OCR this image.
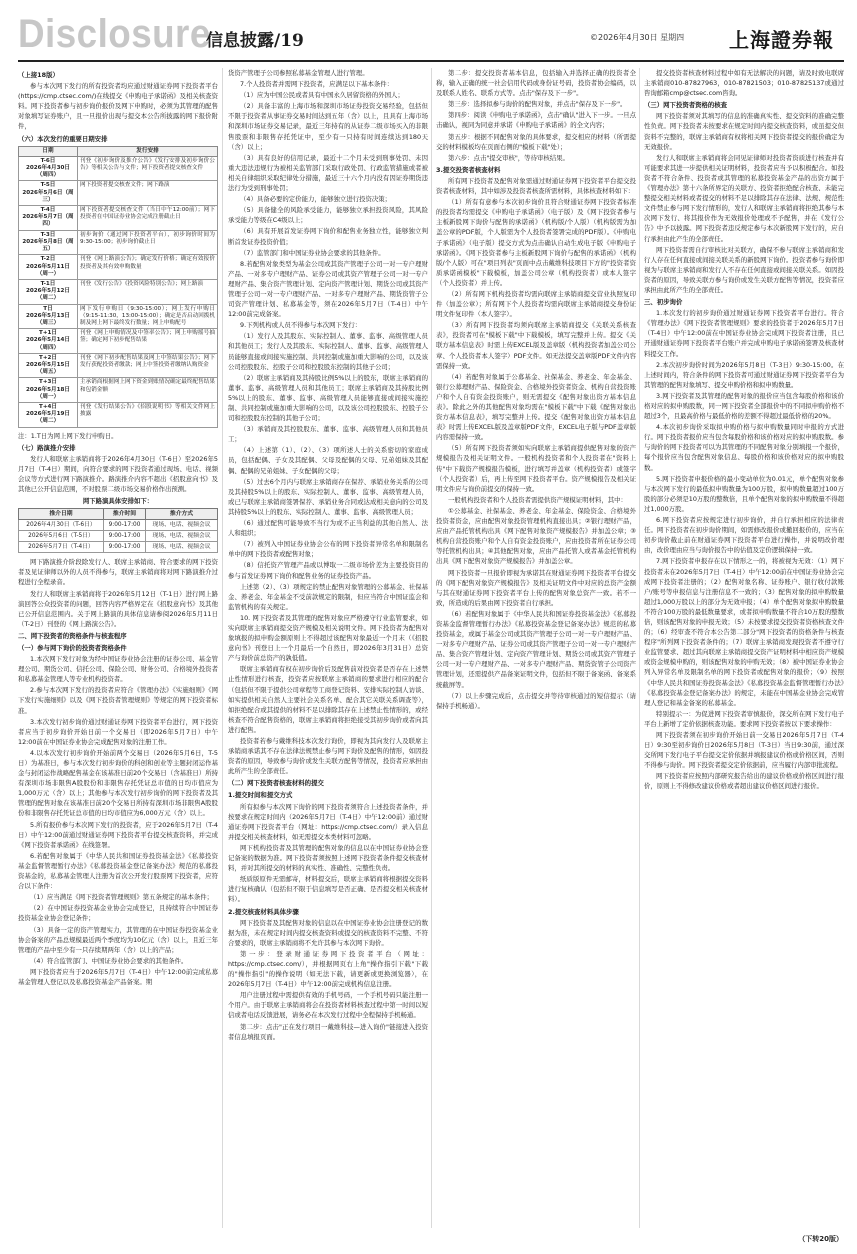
Disclosure
信息披露/19	©2026年4月30日 星期四 上海證券報

（上接18版）

参与本次网下发行的所有投资者均应通过财通证券网下投资者平台(https://cmp.ctsec.com/)在线提交《申购电子承诺函》及相关核查资料。网下投资者参与初步询价报价及网下申购时，必须为其管理的配售对象填写证券账户，且一旦报价出现与提交本公告所披露的网下报价附件，

（六）本次发行的重要日期安排

日期	发行安排
T-6日
2026年4月30日（周四）	刊登《初步询价及推介公告》《发行安排及初步询价公告》等相关公告与文件；网下投资者提交核查文件
T-5日
2026年5月6日（周三）	网下投资者提交核查文件；网下路演
T-4日
2026年5月7日（周四）	网下投资者提交核查文件（当日中午12:00前）；网下投资者在中国证券业协会完成注册截止日
T-3日
2026年5月8日（周五）	初步询价（通过网下投资者平台），初步询价时间为9:30-15:00；初步询价截止日
T-2日
2026年5月11日（周一）	刊登《网上路演公告》；确定发行价格；确定有效报价投资者及其有效申购数量
T-1日
2026年5月12日（周二）	刊登《发行公告》《投资风险特别公告》；网上路演
T日
2026年5月13日（周三）	网下发行申购日（9:30-15:00）；网上发行申购日（9:15-11:30，13:00-15:00）；确定是否启动回拨机制及网上网下最终发行数量；网上申购配号
T+1日
2026年5月14日（周四）	刊登《网上申购情况及中签率公告》；网上申购摇号抽签；确定网下初步配售结果
T+2日
2026年5月15日（周五）	刊登《网下初步配售结果及网上中签结果公告》；网下发行获配投资者缴款；网上中签投资者缴纳认购资金
T+3日
2026年5月18日（周一）	主承销商根据网上网下资金到账情况确定最终配售结果和包销金额
T+4日
2026年5月19日（周二）	刊登《发行结果公告》《招股说明书》等相关文件网上披露

注：1.T日为网上网下发行申购日。

（七）路演推介安排

发行人和联席主承销商将于2026年4月30日（T-6日）至2026年5月7日（T-4日）期间，向符合要求的网下投资者通过现场、电话、视频会议等方式进行网下路演推介。路演推介内容不超出《招股意向书》及其他已公开信息范围，不对股票二级市场交易价格作出预测。

网下路演具体安排如下：

推介日期	推介时间	推介方式
2026年4月30日（T-6日）	9:00-17:00	现场、电话、视频会议
2026年5月6日（T-5日）	9:00-17:00	现场、电话、视频会议
2026年5月7日（T-4日）	9:00-17:00	现场、电话、视频会议

网下路演推介阶段除发行人、联席主承销商、符合要求的网下投资者及见证律师以外的人员不得参与，联席主承销商将对网下路演推介过程进行全程录音。

发行人和联席主承销商将于2026年5月12日（T-1日）进行网上路演回答公众投资者的问题，回答内容严格界定在《招股意向书》及其他已公开信息范围内。关于网上路演的具体信息请参阅2026年5月11日（T-2日）刊登的《网上路演公告》。

二、网下投资者的资格条件与核查程序

（一）参与网下询价的投资者资格条件

1.本次网下发行对象为经中国证券业协会注册的证券公司、基金管理公司、期货公司、信托公司、保险公司、财务公司、合格境外投资者和私募基金管理人等专业机构投资者。

2.参与本次网下发行的投资者应符合《管理办法》《实施细则》《网下发行实施细则》以及《网下投资者管理规则》等规定的网下投资者标准。

3.本次发行初步询价通过财通证券网下投资者平台进行，网下投资者应当于初步询价开始日前一个交易日（即2026年5月7日）中午12:00前在中国证券业协会完成配售对象的注册工作。

4.以本次发行初步询价开始前两个交易日（2026年5月6日，T-5日）为基准日，参与本次发行初步询价的科创和创业等主题封闭运作基金与封闭运作战略配售基金在该基准日前20个交易日（含基准日）所持有深圳市场非限售A股股份和非限售存托凭证总市值的日均市值应为1,000万元（含）以上；其他参与本次发行初步询价的网下投资者及其管理的配售对象在该基准日前20个交易日所持有深圳市场非限售A股股份和非限售存托凭证总市值的日均市值应为6,000万元（含）以上。

5.所有报价参与本次网下发行的投资者，应于2026年5月7日（T-4日）中午12:00前通过财通证券网下投资者平台提交核查资料，并完成《网下投资者承诺函》在线签署。

6.若配售对象属于《中华人民共和国证券投资基金法》《私募投资基金监督管理暂行办法》《私募投资基金登记备案办法》规范的私募投资基金的，私募基金管理人注册为首次公开发行股票网下投资者，应符合以下条件：

（1）应当满足《网下投资者管理规则》第五条规定的基本条件；

（2）在中国证券投资基金业协会完成登记，且持续符合中国证券投资基金业协会登记条件；

（3）具备一定的资产管理实力，其管理的在中国证券投资基金业协会备案的产品总规模最近两个季度均为10亿元（含）以上，且近三年管理的产品中至少有一只存续期两年（含）以上的产品；

（4）符合监管部门、中国证券业协会要求的其他条件。

网下投资者应当于2026年5月7日（T-4日）中午12:00前完成私募基金管理人登记以及私募投资基金产品备案。期

货资产管理子公司参照私募基金管理人进行管理。

7.个人投资者并需网下投资者，应满足以下基本条件：

（1）应为中国公民或者具有中国永久居留资格的外国人；

（2）具备丰富的上海市场和深圳市场证券投资交易经验，包括但不限于投资者从事证券交易时间达到五年（含）以上，且具有上海市场和深圳市场证券交易记录，最近三年持有的从证券二级市场买入的非限售股票和非限售存托凭证中，至少有一只持有时间连续达到180天（含）以上；

（3）具有良好的信用记录，最近十二个月未受到刑事处罚、未因重大违法违规行为被相关监管部门采取行政处罚、行政监管措施或者被相关自律组织采取纪律处分措施，最近三十六个月内没有因证券期货违法行为受到刑事处罚；

（4）具备必要的定价能力，能够独立进行投资决策；

（5）具备健全的风险承受能力，能够独立承担投资风险，其风险承受能力等级在C4级以上；

（6）具有开展首发证券网下询价和配售业务独立性，能够独立判断首发证券投资价值；

（7）监管部门和中国证券业协会要求的其他条件。

8.若配售对象类型为基金公司或其资产管理子公司一对一专户理财产品、一对多专户理财产品、证券公司或其资产管理子公司一对一专户理财产品、集合资产管理计划、定向资产管理计划、期货公司或其资产管理子公司一对一专户理财产品、一对多专户理财产品、期货资管子公司资产管理计划、私募基金等，须在2026年5月7日（T-4日）中午12:00前完成备案。

9.下列机构或人员不得参与本次网下发行：

（1）发行人及其股东、实际控制人、董事、监事、高级管理人员和其他员工；发行人及其股东、实际控制人、董事、监事、高级管理人员能够直接或间接实施控制、共同控制或施加重大影响的公司，以及该公司控股股东、控股子公司和控股股东控制的其他子公司；

（2）联席主承销商及其持股比例5%以上的股东，联席主承销商的董事、监事、高级管理人员和其他员工；联席主承销商及其持股比例5%以上的股东、董事、监事、高级管理人员能够直接或间接实施控制、共同控制或施加重大影响的公司，以及该公司控股股东、控股子公司和控股股东控制的其他子公司；

（3）承销商及其控股股东、董事、监事、高级管理人员和其他员工；

（4）上述第（1）、（2）、（3）项所述人士的关系密切的家庭成员，包括配偶、子女及其配偶、父母及配偶的父母、兄弟姐妹及其配偶、配偶的兄弟姐妹、子女配偶的父母；

（5）过去6个月内与联席主承销商存在保荐、承销业务关系的公司及其持股5%以上的股东、实际控制人、董事、监事、高级管理人员，或已与联席主承销商签署保荐、承销业务合同或达成相关意向的公司及其持股5%以上的股东、实际控制人、董事、监事、高级管理人员；

（6）通过配售可能导致不当行为或不正当利益的其他自然人、法人和组织；

（7）被列入中国证券业协会公布的网下投资者异常名单和限制名单中的网下投资者或配售对象；

（8）信托资产管理产品或以博取一二级市场价差为主要投资目的参与首发证券网下询价和配售业务的证券投资产品。

上述第（2）、（3）项规定的禁止配售对象管理的公募基金、社保基金、养老金、年金基金不受前款规定的限制，但应当符合中国证监会和监管机构的有关规定。

10. 网下投资者及其管理的配售对象应严格遵守行业监管要求，如实向联席主承销商提交资产规模及相关说明文件。网下投资者为配售对象填报的拟申购金额原则上不得超过该配售对象最近一个月末（《招股意向书》刊登日上一个月最后一个自然日，即2026年3月31日）总资产与询价前总资产的孰低值。

联席主承销商有权在初步询价后及配售前对投资者是否存在上述禁止性情形进行核查，投资者应按联席主承销商的要求进行相应的配合（包括但不限于提供公司章程等工商登记资料、安排实际控制人访谈、如实提供相关自然人主要社会关系名单、配合其它关联关系调查等），如拒绝配合或其提供的材料不足以排除其存在上述禁止性情形的，或经核查不符合配售资格的，联席主承销商将拒绝接受其初步询价或者向其进行配售。

投资者若参与戴维科技本次发行询价，即视为其向发行人及联席主承销商承诺其不存在法律法规禁止参与网下询价及配售的情形，如因投资者的原因，导致参与询价或发生关联方配售等情况，投资者应承担由此所产生的全部责任。

（二）网下投资者核查材料的提交

1.提交时间和提交方式

所有拟参与本次网下询价的网下投资者须符合上述投资者条件，并按要求在规定时间内（2026年5月7日（T-4日）中午12:00前）通过财通证券网下投资者平台（网址：https://cmp.ctsec.com/）录入信息并提交相关核查材料，如无需提交本类材料可忽略。

网下机构投资者及其管理的配售对象的信息以在中国证券业协会登记备案的数据为准。网下投资者须按照上述网下投资者条件提交核查材料，并对其所提交的材料的真实性、准确性、完整性负责。

纸质版原件无需邮寄，材料提交后，联席主承销商将根据提交资料进行复核确认（包括但不限于信息填写是否正确、是否提交相关核查材料）。

2.提交核查材料具体步骤

网下投资者及其配售对象的信息以在中国证券业协会注册登记的数据为准，未在规定时间内提交核查资料或提交的核查资料不完整、不符合要求的，联席主承销商将不允许其参与本次网下询价。

第一步：登录财通证券网下投资者平台（网址：https://cmp.ctsec.com/），并根据网页右上角"操作指引下载"下载的"操作指引"的操作说明（如无法下载，请更新或更换浏览器），在2026年5月7日（T-4日）中午12:00前完成机构信息注册。

用户注册过程中需提供有效的手机号码，一个手机号码只能注册一个用户。由于联席主承销商将会在投资者材料核查过程中第一时间以短信或者电话反馈进展，请务必在本次发行过程中全程保持手机畅通。

第二步：点击"正在发行项目一戴维科技—进入询价"链接进入投资者信息填报页面。

第二步：提交投资者基本信息，包括输入并选择正确的投资者全称，输入正确的统一社会信用代码或身份证号码，投资者协会编码，以及联系人姓名、联系方式等。点击"保存及下一步"。

第三步：选择拟参与询价的配售对象，并点击"保存及下一步"。

第四步：阅读《申购电子承诺函》，点击"确认"进入下一步。一旦点击确认，视同为同意并承诺《申购电子承诺函》的全文内容；

第五步：根据不同配售对象的具体要求，提交相应的材料（所需提交的材料模板均在页面右侧的"模板下载"处）；

第六步：点击"提交审核"，等待审核结果。

3.提交投资者核查材料

所有网下投资者及配售对象需通过财通证券网下投资者平台提交投资者核查材料，其中如涉及投资者核查所需材料，具体核查材料如下：

（1）所有有意参与本次初步询价且符合财通证券网下投资者标准的投资者均需提交《申购电子承诺函》（电子版）及《网下投资者参与主板新股网下询价与配售的承诺函》（机构版/个人版）（机构版需为加盖公章的PDF版，个人版需为个人投资者签署完成的PDF版）。《申购电子承诺函》（电子版）提交方式为点击确认自动生成电子版《申购电子承诺函》。《网下投资者参与主板新股网下询价与配售的承诺函》（机构版/个人版）可在"项目列表"页面中点击戴维科技项目下方的"投资者资质承诺函模板"下载模板，加盖公司公章（机构投资者）或本人签字（个人投资者）并上传。

（2）所有网下机构投资者均需向联席主承销商提交营业执照复印件（加盖公章）；所有网下个人投资者均需向联席主承销商提交身份证明文件复印件（本人签字）。

（3）所有网下投资者均须向联席主承销商提交《关联关系核查表》，投资者可在"模板下载"中下载模板，填写完整并上传。提交《关联方基本信息表》时需上传EXCEL版及盖章版（机构投资者加盖公司公章、个人投资者本人签字）PDF文件。如无法提交盖章版PDF文件内容需保持一致。

（4）若配售对象属于公募基金、社保基金、养老金、年金基金、银行公募理财产品、保险资金、合格境外投资者资金、机构自营投资账户和个人自有资金投资账户，则无需提交《配售对象出资方基本信息表》。除此之外的其他配售对象均需在"模板下载"中下载《配售对象出资方基本信息表》，填写完整并上传。提交《配售对象出资方基本信息表》时需上传EXCEL版及盖章版PDF文件，EXCEL电子版与PDF盖章版内容需保持一致。

（5）所有网下投资者须如实向联席主承销商提供配售对象的资产规模报告及相关证明文件。一般机构投资者和个人投资者在"资料上传"中下载资产规模报告模板，进行填写并盖章（机构投资者）或签字（个人投资者）后，再上传至网下投资者平台。资产规模报告及相关证明文件应与询价前提交的保持一致。

一般机构投资者和个人投资者需提供资产规模证明材料，其中：

①公募基金、社保基金、养老金、年金基金、保险资金、合格境外投资者资金，应由配售对象投资管理机构直接出具；②银行理财产品，应由产品托管机构出具《网下配售对象资产规模报告》并加盖公章；③机构自营投资账户和个人自有资金投资账户，应由投资者所在证券公司等托管机构出具；④其他配售对象，应由产品托管人或者基金托管机构出具《网下配售对象资产规模报告》并加盖公章。

网下投资者一旦报价即视为承诺其在财通证券网下投资者平台提交的《网下配售对象资产规模报告》及相关证明文件中对应的总资产金额与其在财通证券网下投资者平台上传的配售对象总资产一致。若不一致，所造成的后果由网下投资者自行承担。

（6）若配售对象属于《中华人民共和国证券投资基金法》《私募投资基金监督管理暂行办法》《私募投资基金登记备案办法》规范的私募投资基金，或属于基金公司或其资产管理子公司一对一专户理财产品、一对多专户理财产品、证券公司或其资产管理子公司一对一专户理财产品、集合资产管理计划、定向资产管理计划、期货公司或其资产管理子公司一对一专户理财产品、一对多专户理财产品、期货资管子公司资产管理计划，还需提供产品备案证明文件，包括但不限于备案函、备案系统截屏等。

（7）以上步骤完成后，点击提交并等待审核通过的短信提示（请保持手机畅通）。

提交投资者核查材料过程中如有无法解决的问题，请及时致电联席主承销商010-87827963，010-87821503；010-87825137或通过咨询邮箱cmp@ctsec.com咨询。

（三）网下投资者资格的核查

网下投资者须对其填写的信息的准确真实性、提交资料的准确完整性负责。网下投资者未按要求在规定时间内提交核查资料，或虽提交但资料不完整的，联席主承销商有权将相关网下投资者提交的报价确定为无效报价。

发行人和联席主承销商将会同见证律师对投资者资质进行核查并有可能要求其进一步提供相关证明材料，投资者应当予以积极配合。如投资者不符合条件、投资者或其管理的私募投资基金产品的出资方属于《管理办法》第十六条所界定的关联方、投资者拒绝配合核查、未能完整提交相关材料或者提交的材料不足以排除其存在法律、法规、规范性文件禁止参与网下发行情形的，发行人和联席主承销商将拒绝其参与本次网下发行、将其报价作为无效报价处理或不予配售，并在《发行公告》中予以披露。网下投资者违反规定参与本次新股网下发行的，应自行承担由此产生的全部责任。

网下投资者需自行审核比对关联方，确保不参与联席主承销商和发行人存在任何直接或间接关联关系的新股网下询价。投资者参与询价即视为与联席主承销商和发行人不存在任何直接或间接关联关系。如因投资者的原因，导致关联方参与询价或发生关联方配售等情况，投资者应承担由此所产生的全部责任。

三、初步询价

1.本次发行的初步询价通过财通证券网下投资者平台进行。符合《管理办法》《网下投资者管理规则》要求的投资者于2026年5月7日（T-4日）中午12:00前在中国证券业协会完成网下投资者注册，且已开通财通证券网下投资者平台账户并完成申购电子承诺函签署及核查材料提交工作。

2.本次初步询价时间为2026年5月8日（T-3日）9:30-15:00。在上述时间内，符合条件的网下投资者可通过财通证券网下投资者平台为其管理的配售对象填写、提交申购价格和拟申购数量。

3.网下投资者及其管理的配售对象的报价应当包含每股价格和该价格对应的拟申购股数，同一网下投资者全部报价中的不同拟申购价格不超过3个，且最高价格与最低价格的差额不得超过最低价格的20%。

4.本次初步询价采取拟申购价格与拟申购数量同时申报的方式进行。网下投资者报价应当包含每股价格和该价格对应的拟申购股数。参与询价的网下投资者可以为其管理的不同配售对象分别填报一个报价，每个报价应当包含配售对象信息、每股价格和该价格对应的拟申购股数。

5.网下投资者申报价格的最小变动单位为0.01元，单个配售对象参与本次网下发行的最低拟申购数量为100万股，拟申购数量超过100万股的部分必须是10万股的整数倍，且单个配售对象的拟申购数量不得超过1,000万股。

6.网下投资者应按规定进行初步询价，并自行承担相应的法律责任。网下投资者在初步询价期间，如需修改报价或撤回报价的，应当在初步询价截止前在财通证券网下投资者平台进行操作，并说明改价理由，改价理由应当与询价报告中的估值及定价逻辑保持一致。

7.网下投资者申报存在以下情形之一的，将被视为无效：（1）网下投资者未在2026年5月7日（T-4日）中午12:00前在中国证券业协会完成网下投资者注册的；（2）配售对象名称、证券账户、银行收付款账户/账号等申报信息与注册信息不一致的；（3）配售对象的拟申购数量超过1,000万股以上的部分为无效申报；（4）单个配售对象拟申购数量不符合100万股的最低数量要求，或者拟申购数量不符合10万股的整数倍，则该配售对象的申报无效；（5）未按要求提交投资者资格核查文件的；（6）经审查不符合本公告第二部分"网下投资者的资格条件与核查程序"所列网下投资者条件的；（7）联席主承销商发现投资者不遵守行业监管要求、超过其向联席主承销商提交资产证明材料中相应资产规模或资金规模申购的，则该配售对象的申购无效；（8）被中国证券业协会列入异常名单及限制名单的网下投资者或配售对象的报价；（9）按照《中华人民共和国证券投资基金法》《私募投资基金监督管理暂行办法》《私募投资基金登记备案办法》的规定，未能在中国基金业协会完成管理人登记和基金备案的私募基金。

特别提示一：为促进网下投资者审慎报价，深交所在网下发行电子平台上新增了定价依据核查功能。要求网下投资者按以下要求操作：

网下投资者须在初步询价开始日前一交易日2026年5月7日（T-4日）9:30至初步询价日2026年5月8日（T-3日）当日9:30前，通过深交所网下发行电子平台提交定价依据并填报建议价格或价格区间，否则不得参与询价。网下投资者提交定价依据前，应当履行内部审批流程。

网下投资者应按照内部研究报告给出的建议价格或价格区间进行报价，原则上不得修改建议价格或者超出建议价格区间进行报价。

（下转20版）
